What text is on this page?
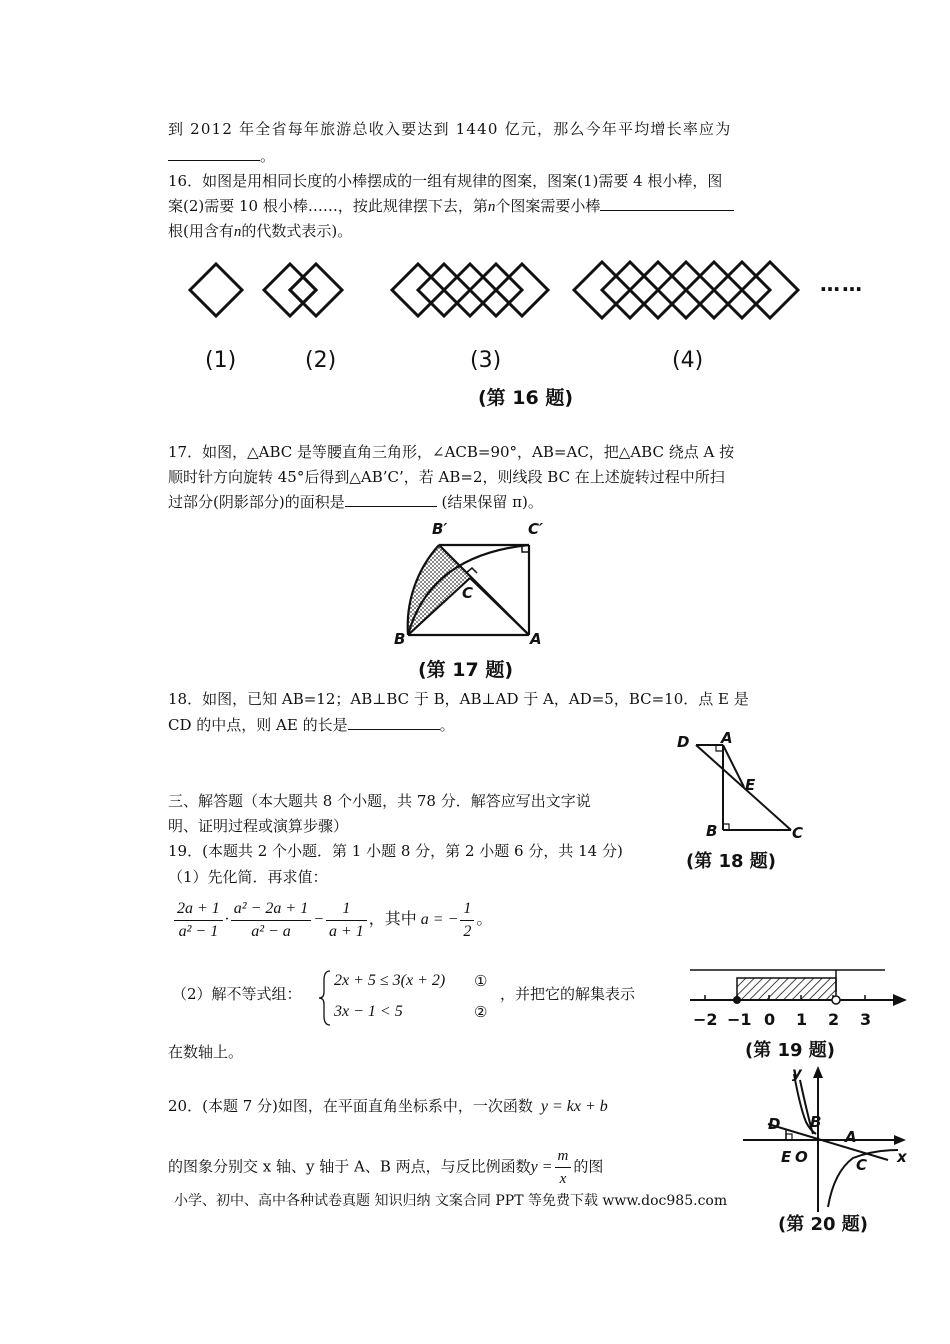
到 2012 年全省每年旅游总收入要达到 1440 亿元，那么今年平均增长率应为
。
16．如图是用相同长度的小棒摆成的一组有规律的图案，图案(1)需要 4 根小棒，图
案(2)需要 10 根小棒……，按此规律摆下去，第n个图案需要小棒
根(用含有n的代数式表示)。
……
(1)	(2)	(3)	(4)
(第 16 题)
17．如图，△ABC 是等腰直角三角形，∠ACB=90°，AB=AC，把△ABC 绕点 A 按
顺时针方向旋转 45°后得到△AB’C’，若 AB=2，则线段 BC 在上述旋转过程中所扫
过部分(阴影部分)的面积是	(结果保留 π)。
B′	C′
C
B	A
(第 17 题)
18．如图，已知 AB=12；AB⊥BC 于 B，AB⊥AD 于 A，AD=5，BC=10．点 E 是
CD 的中点，则 AE 的长是	。
D A
E
B	C
(第 18 题)
三、解答题（本大题共 8 个小题，共 78 分．解答应写出文字说
明、证明过程或演算步骤）
19．(本题共 2 个小题．第 1 小题 8 分，第 2 小题 6 分，共 14 分)
（1）先化简．再求值：
$\frac{2a + 1}{\text{a² − 1}} \cdot \frac{\text{a² − 2a + 1}}{\text{a² − a}} - \frac{1}{a + 1}$ ，其中 a = − $\frac{1}{2}$ 。
（2）解不等式组：
2x + 5 ≤ 3(x + 2)
3x − 1 < 5
①
②
，并把它的解集表示
在数轴上。
−2 −1 0 1 2 3
(第 19 题)
20．(本题 7 分)如图，在平面直角坐标系中，一次函数 y = kx + b
的图象分别交 x 轴、y 轴于 A、B 两点，与反比例函数$y = \frac{m}{x}$ 的图
y
x
D B
A
E O	C
(第 20 题)
小学、初中、高中各种试卷真题 知识归纳 文案合同 PPT 等免费下载 www.doc985.com
